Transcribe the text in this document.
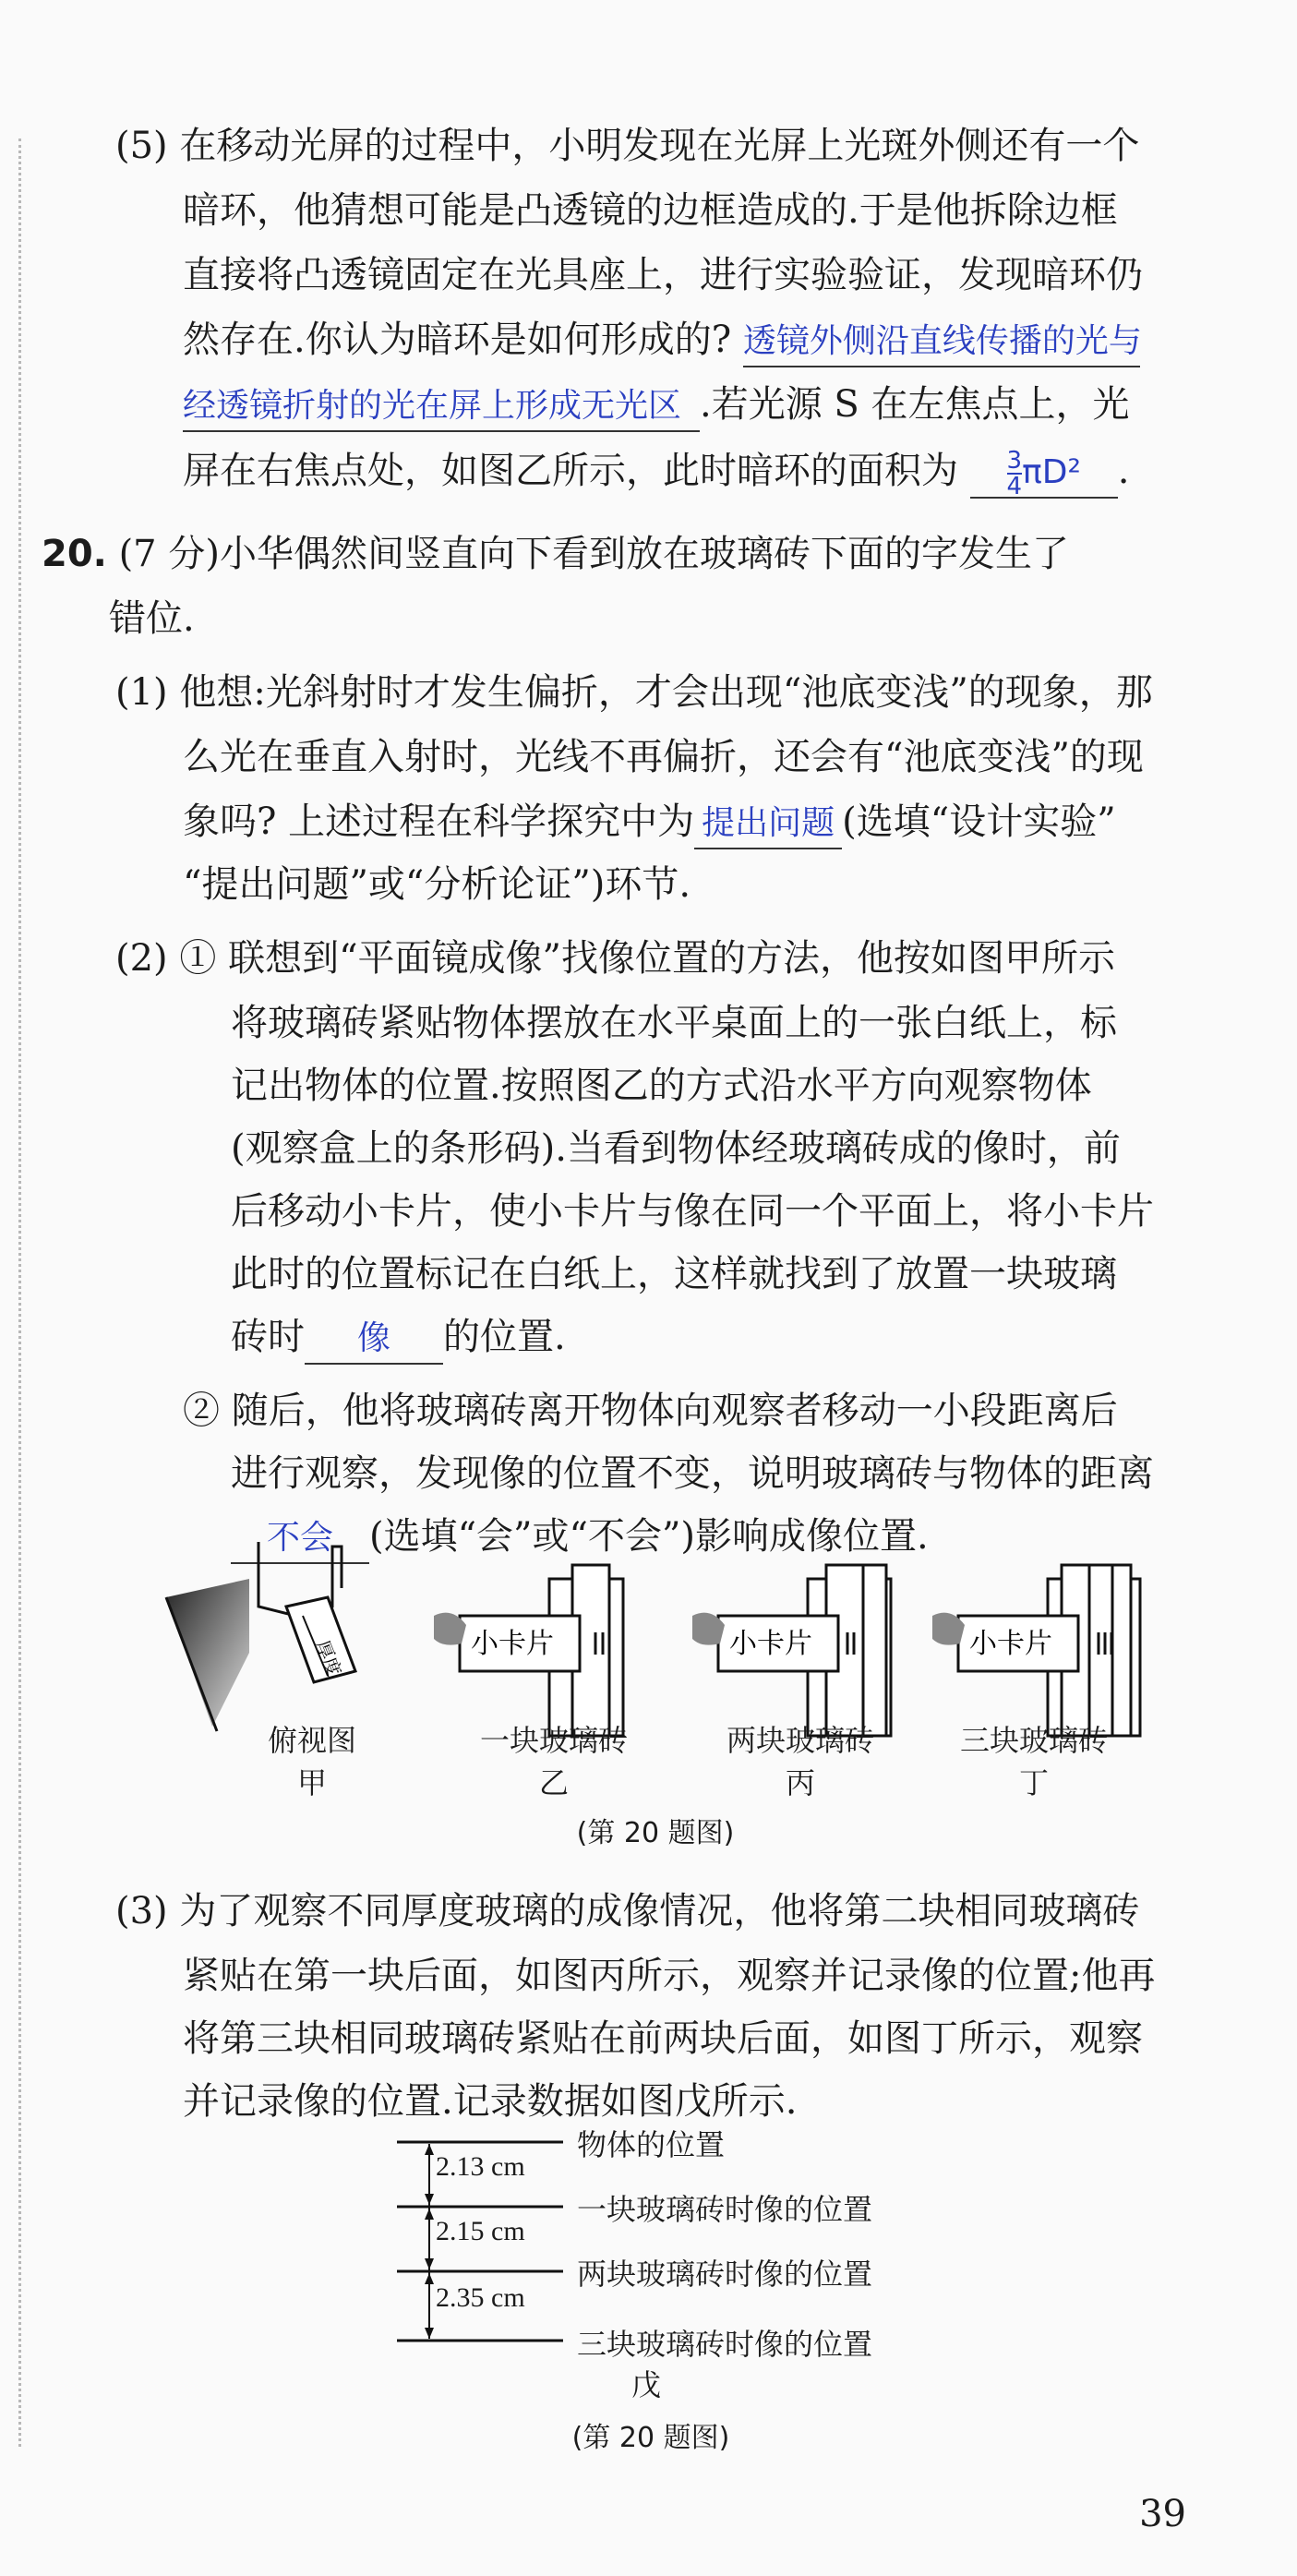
(5) 在移动光屏的过程中，小明发现在光屏上光斑外侧还有一个
暗环，他猜想可能是凸透镜的边框造成的.于是他拆除边框
直接将凸透镜固定在光具座上，进行实验验证，发现暗环仍
然存在.你认为暗环是如何形成的? 透镜外侧沿直线传播的光与
经透镜折射的光在屏上形成无光区 .若光源 S 在左焦点上，光
屏在右焦点处，如图乙所示，此时暗环的面积为 $\frac{3}{4} \pi D^2$ .
20. (7 分)小华偶然间竖直向下看到放在玻璃砖下面的字发生了
错位.
(1) 他想:光斜射时才发生偏折，才会出现“池底变浅”的现象，那
么光在垂直入射时，光线不再偏折，还会有“池底变浅”的现
象吗? 上述过程在科学探究中为 提出问题 (选填“设计实验”
“提出问题”或“分析论证”)环节.
(2) ① 联想到“平面镜成像”找像位置的方法，他按如图甲所示
将玻璃砖紧贴物体摆放在水平桌面上的一张白纸上，标
记出物体的位置.按照图乙的方式沿水平方向观察物体
(观察盒上的条形码).当看到物体经玻璃砖成的像时，前
后移动小卡片，使小卡片与像在同一个平面上，将小卡片
此时的位置标记在白纸上，这样就找到了放置一块玻璃
砖时 像 的位置.
② 随后，他将玻璃砖离开物体向观察者移动一小段距离后
进行观察，发现像的位置不变，说明玻璃砖与物体的距离
不会 (选填“会”或“不会”)影响成像位置.
厚度	小卡片	小卡片	小卡片
俯视图
甲
一块玻璃砖
乙
两块玻璃砖
丙
三块玻璃砖
丁
(第 20 题图)
(3) 为了观察不同厚度玻璃的成像情况，他将第二块相同玻璃砖
紧贴在第一块后面，如图丙所示，观察并记录像的位置;他再
将第三块相同玻璃砖紧贴在前两块后面，如图丁所示，观察
并记录像的位置.记录数据如图戊所示.
2.13 cm
2.15 cm
2.35 cm
物体的位置
一块玻璃砖时像的位置
两块玻璃砖时像的位置
三块玻璃砖时像的位置
戊
(第 20 题图)
39
